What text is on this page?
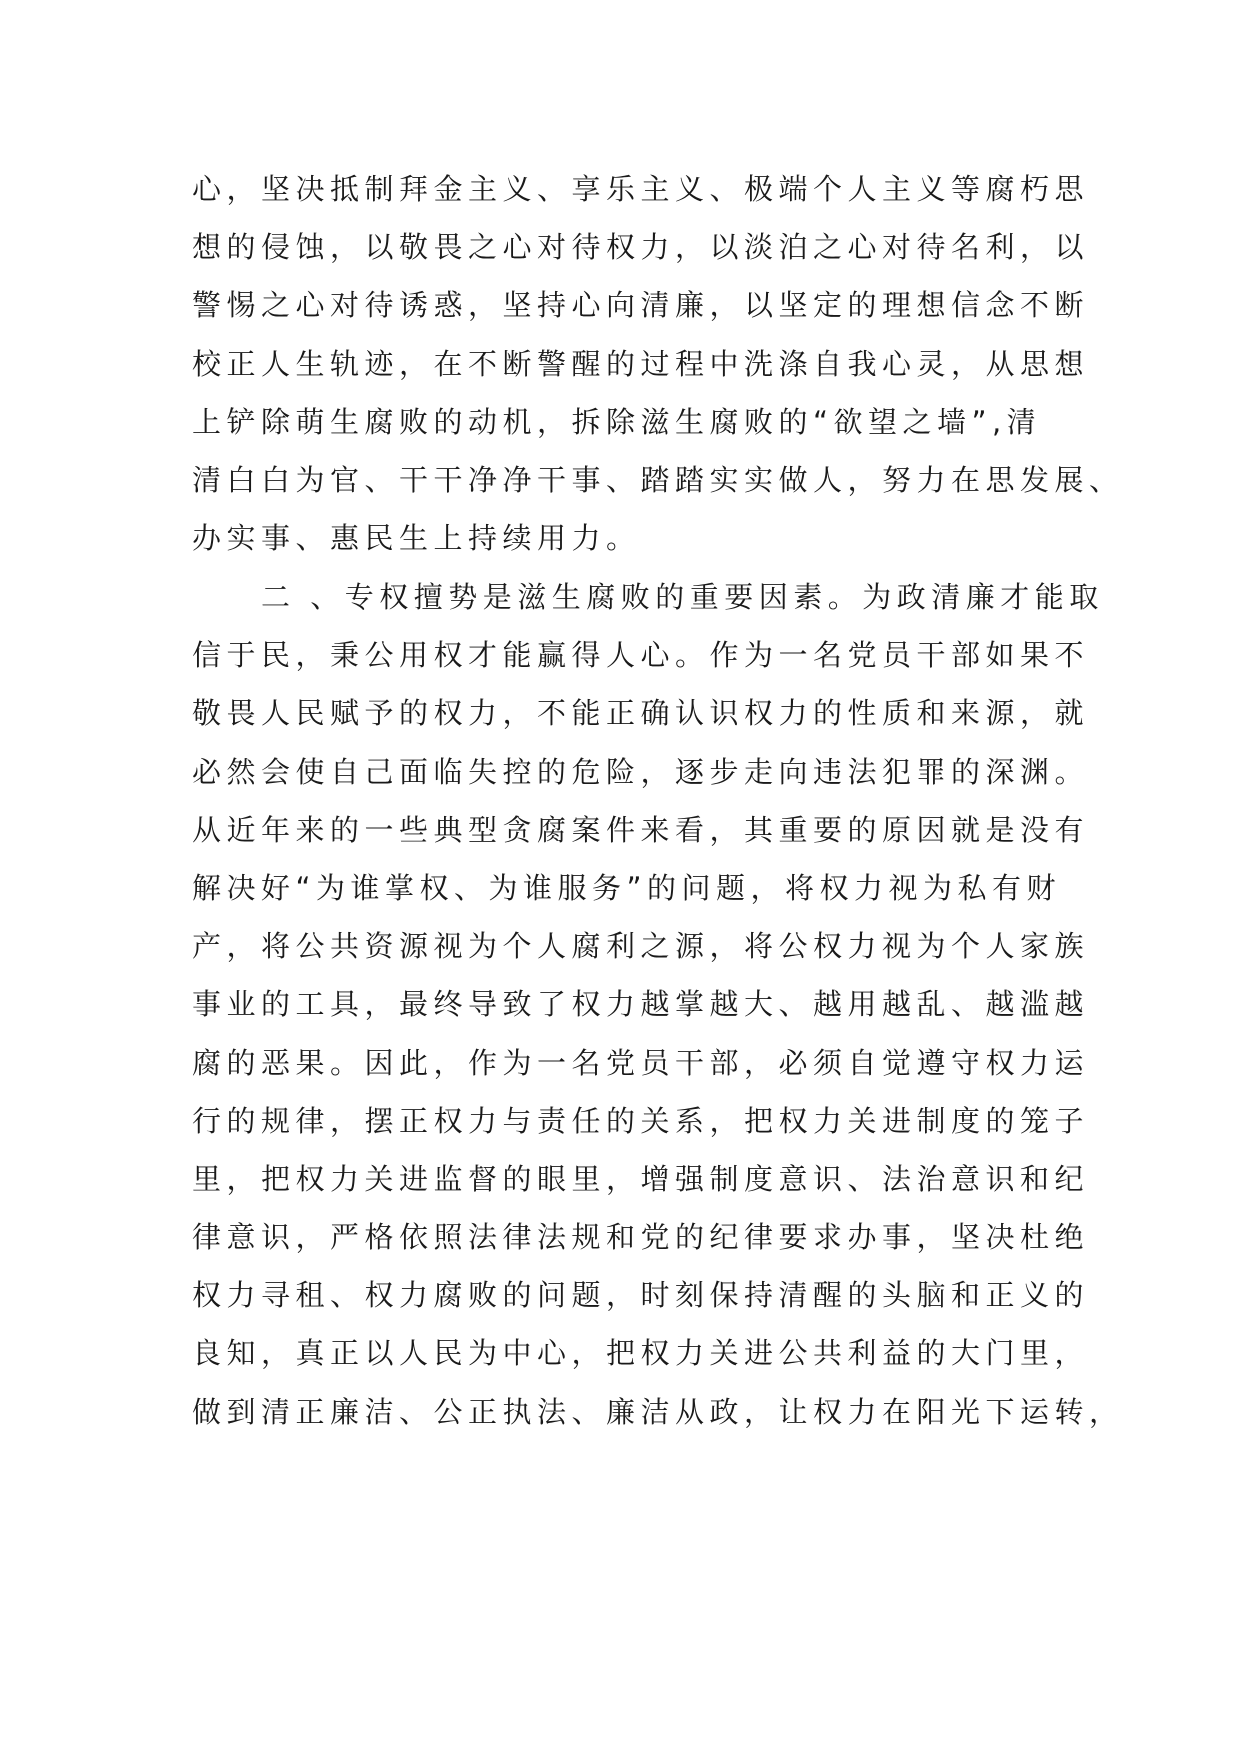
心，坚决抵制拜金主义、享乐主义、极端个人主义等腐朽思
想的侵蚀，以敬畏之心对待权力，以淡泊之心对待名利，以
警惕之心对待诱惑，坚持心向清廉，以坚定的理想信念不断
校正人生轨迹，在不断警醒的过程中洗涤自我心灵，从思想
上铲除萌生腐败的动机，拆除滋生腐败的“欲望之墙”,清
清白白为官、干干净净干事、踏踏实实做人，努力在思发展、
办实事、惠民生上持续用力。
　　二 、专权擅势是滋生腐败的重要因素。为政清廉才能取
信于民，秉公用权才能赢得人心。作为一名党员干部如果不
敬畏人民赋予的权力，不能正确认识权力的性质和来源，就
必然会使自己面临失控的危险，逐步走向违法犯罪的深渊。
从近年来的一些典型贪腐案件来看，其重要的原因就是没有
解决好“为谁掌权、为谁服务”的问题，将权力视为私有财
产，将公共资源视为个人腐利之源，将公权力视为个人家族
事业的工具，最终导致了权力越掌越大、越用越乱、越滥越
腐的恶果。因此，作为一名党员干部，必须自觉遵守权力运
行的规律，摆正权力与责任的关系，把权力关进制度的笼子
里，把权力关进监督的眼里，增强制度意识、法治意识和纪
律意识，严格依照法律法规和党的纪律要求办事，坚决杜绝
权力寻租、权力腐败的问题，时刻保持清醒的头脑和正义的
良知，真正以人民为中心，把权力关进公共利益的大门里，
做到清正廉洁、公正执法、廉洁从政，让权力在阳光下运转，
